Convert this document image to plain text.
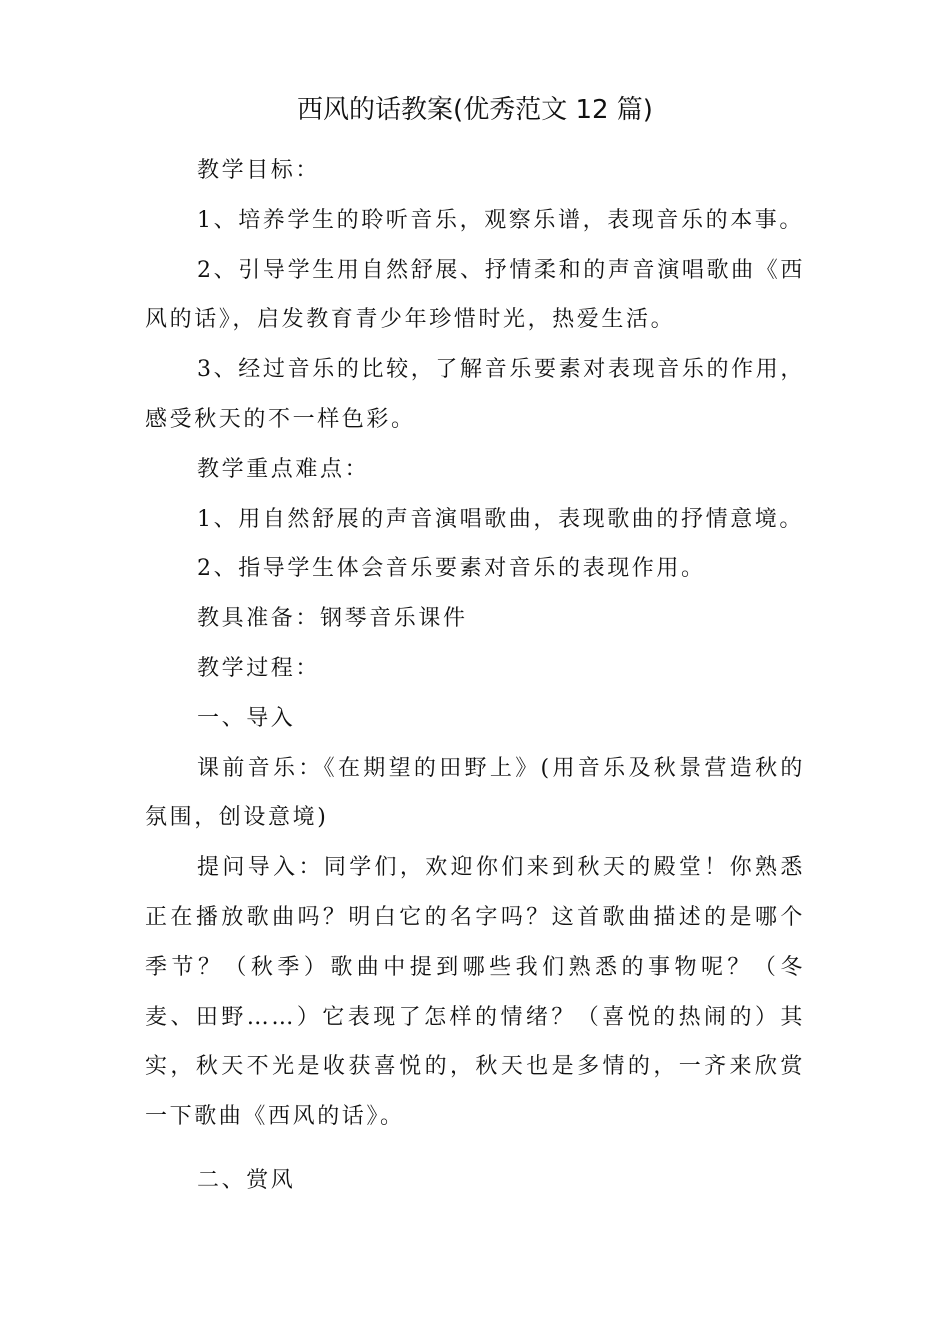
西风的话教案(优秀范文 12 篇)

教学目标：

1、培养学生的聆听音乐，观察乐谱，表现音乐的本事。

2、引导学生用自然舒展、抒情柔和的声音演唱歌曲《西风的话》，启发教育青少年珍惜时光，热爱生活。

3、经过音乐的比较，了解音乐要素对表现音乐的作用，感受秋天的不一样色彩。

教学重点难点：

1、用自然舒展的声音演唱歌曲，表现歌曲的抒情意境。

2、指导学生体会音乐要素对音乐的表现作用。

教具准备：钢琴音乐课件

教学过程：

一、导入

课前音乐：《在期望的田野上》(用音乐及秋景营造秋的氛围，创设意境)

提问导入：同学们，欢迎你们来到秋天的殿堂！你熟悉正在播放歌曲吗？明白它的名字吗？这首歌曲描述的是哪个季节？（秋季）歌曲中提到哪些我们熟悉的事物呢？（冬麦、田野……）它表现了怎样的情绪？（喜悦的热闹的）其实，秋天不光是收获喜悦的，秋天也是多情的，一齐来欣赏一下歌曲《西风的话》。

二、赏风
